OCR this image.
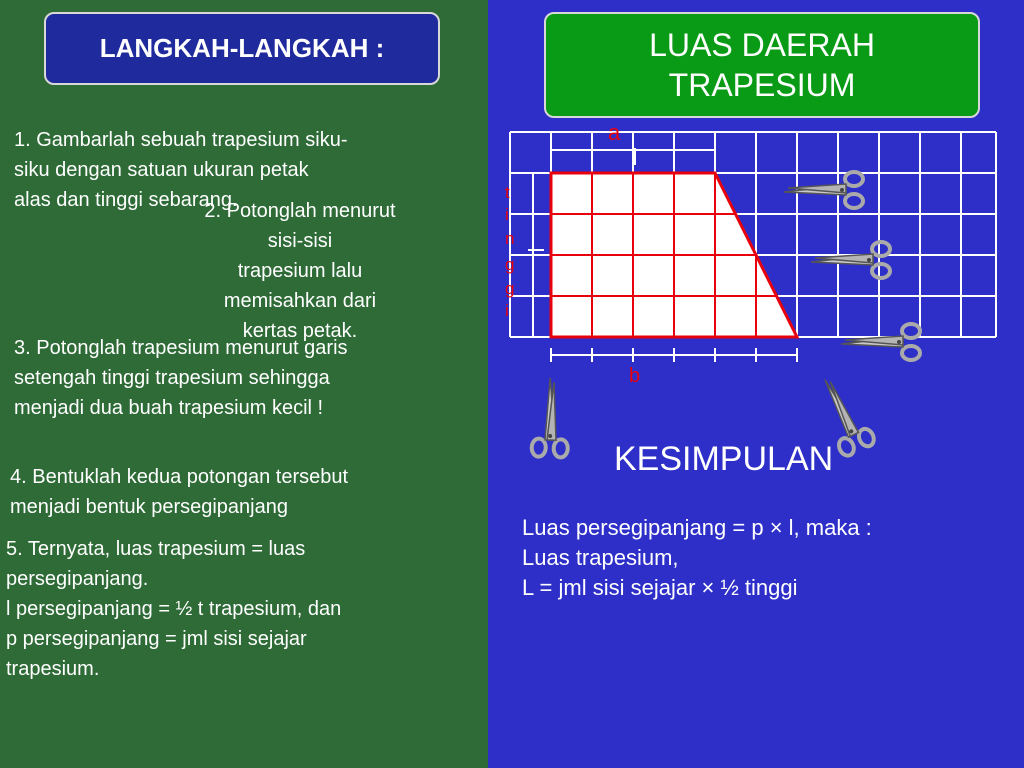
LANGKAH-LANGKAH :	LUAS DAERAH
TRAPESIUM

1. Gambarlah sebuah trapesium siku-
siku dengan satuan ukuran petak
alas dan tinggi sebarang.

2. Potonglah menurut
sisi-sisi
trapesium lalu
memisahkan dari
kertas petak.

3. Potonglah trapesium menurut garis
setengah tinggi trapesium sehingga
menjadi dua buah trapesium kecil !

4. Bentuklah kedua potongan tersebut
menjadi bentuk persegipanjang

5. Ternyata, luas trapesium = luas
persegipanjang.
l persegipanjang = ½ t trapesium, dan
p persegipanjang = jml sisi sejajar
trapesium.

a
b
t
i
n
g
g
i

KESIMPULAN

Luas persegipanjang = p × l, maka :
Luas trapesium,
L = jml sisi sejajar × ½ tinggi
